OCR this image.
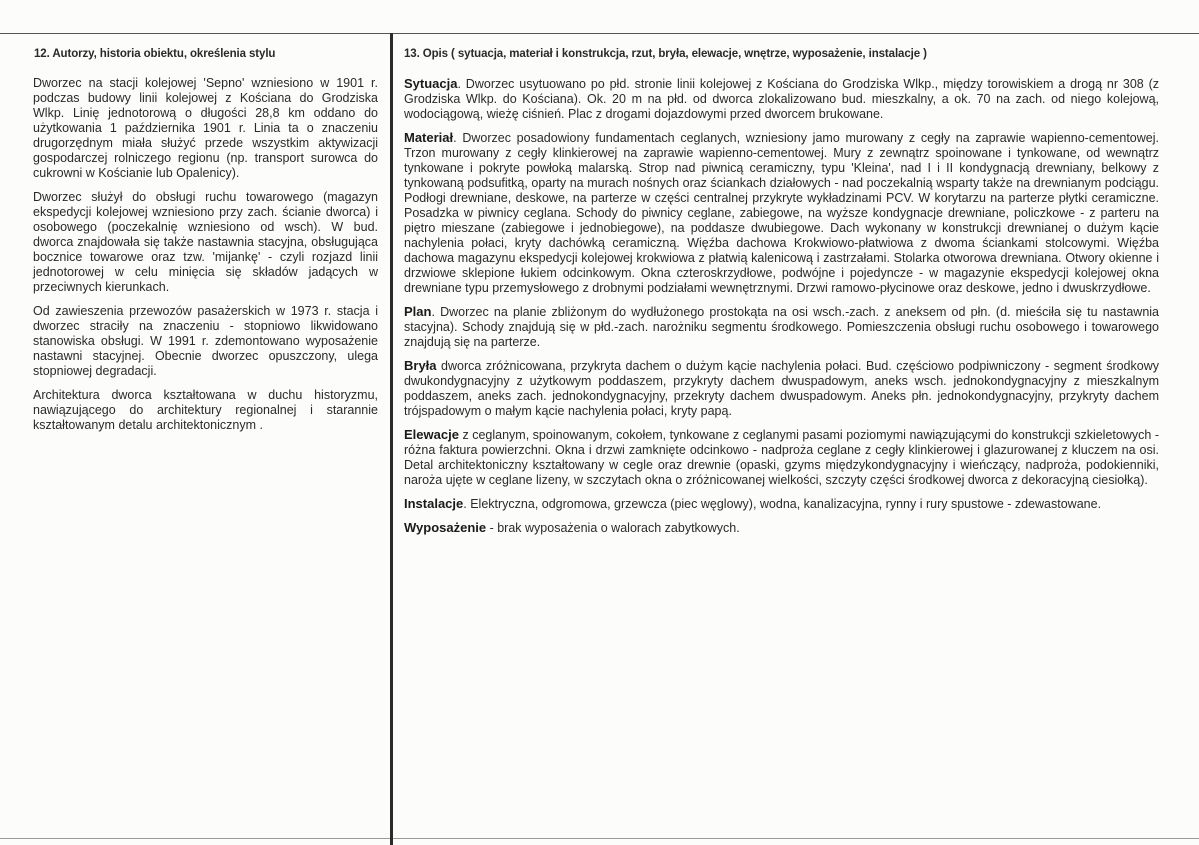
12. Autorzy, historia obiektu, określenia stylu

Dworzec na stacji kolejowej 'Sepno' wzniesiono w 1901 r. podczas budowy linii kolejowej z Kościana do Grodziska Wlkp. Linię jednotorową o długości 28,8 km oddano do użytkowania 1 października 1901 r. Linia ta o znaczeniu drugorzędnym miała służyć przede wszystkim aktywizacji gospodarczej rolniczego regionu (np. transport surowca do cukrowni w Kościanie lub Opalenicy).

Dworzec służył do obsługi ruchu towarowego (magazyn ekspedycji kolejowej wzniesiono przy zach. ścianie dworca) i osobowego (poczekalnię wzniesiono od wsch). W bud. dworca znajdowała się także nastawnia stacyjna, obsługująca bocznice towarowe oraz tzw. 'mijankę' - czyli rozjazd linii jednotorowej w celu minięcia się składów jadących w przeciwnych kierunkach.

Od zawieszenia przewozów pasażerskich w 1973 r. stacja i dworzec straciły na znaczeniu - stopniowo likwidowano stanowiska obsługi. W 1991 r. zdemontowano wyposażenie nastawni stacyjnej. Obecnie dworzec opuszczony, ulega stopniowej degradacji.

Architektura dworca kształtowana w duchu historyzmu, nawiązującego do architektury regionalnej i starannie kształtowanym detalu architektonicznym .

13. Opis ( sytuacja, materiał i konstrukcja, rzut, bryła, elewacje, wnętrze, wyposażenie, instalacje )

Sytuacja. Dworzec usytuowano po płd. stronie linii kolejowej z Kościana do Grodziska Wlkp., między torowiskiem a drogą nr 308 (z Grodziska Wlkp. do Kościana). Ok. 20 m na płd. od dworca zlokalizowano bud. mieszkalny, a ok. 70 na zach. od niego kolejową, wodociągową, wieżę ciśnień. Plac z drogami dojazdowymi przed dworcem brukowane.

Materiał. Dworzec posadowiony fundamentach ceglanych, wzniesiony jamo murowany z cegły na zaprawie wapienno-cementowej. Trzon murowany z cegły klinkierowej na zaprawie wapienno-cementowej. Mury z zewnątrz spoinowane i tynkowane, od wewnątrz tynkowane i pokryte powłoką malarską. Strop nad piwnicą ceramiczny, typu 'Kleina', nad I i II kondygnacją drewniany, belkowy z tynkowaną podsufitką, oparty na murach nośnych oraz ściankach działowych - nad poczekalnią wsparty także na drewnianym podciągu. Podłogi drewniane, deskowe, na parterze w części centralnej przykryte wykładzinami PCV. W korytarzu na parterze płytki ceramiczne. Posadzka w piwnicy ceglana. Schody do piwnicy ceglane, zabiegowe, na wyższe kondygnacje drewniane, policzkowe - z parteru na piętro mieszane (zabiegowe i jednobiegowe), na poddasze dwubiegowe. Dach wykonany w konstrukcji drewnianej o dużym kącie nachylenia połaci, kryty dachówką ceramiczną. Więźba dachowa Krokwiowo-płatwiowa z dwoma ściankami stolcowymi. Więźba dachowa magazynu ekspedycji kolejowej krokwiowa z płatwią kalenicową i zastrzałami. Stolarka otworowa drewniana. Otwory okienne i drzwiowe sklepione łukiem odcinkowym. Okna czteroskrzydłowe, podwójne i pojedyncze - w magazynie ekspedycji kolejowej okna drewniane typu przemysłowego z drobnymi podziałami wewnętrznymi. Drzwi ramowo-płycinowe oraz deskowe, jedno i dwuskrzydłowe.

Plan. Dworzec na planie zbliżonym do wydłużonego prostokąta na osi wsch.-zach. z aneksem od płn. (d. mieściła się tu nastawnia stacyjna). Schody znajdują się w płd.-zach. narożniku segmentu środkowego. Pomieszczenia obsługi ruchu osobowego i towarowego znajdują się na parterze.

Bryła dworca zróżnicowana, przykryta dachem o dużym kącie nachylenia połaci. Bud. częściowo podpiwniczony - segment środkowy dwukondygnacyjny z użytkowym poddaszem, przykryty dachem dwuspadowym, aneks wsch. jednokondygnacyjny z mieszkalnym poddaszem, aneks zach. jednokondygnacyjny, przekryty dachem dwuspadowym. Aneks płn. jednokondygnacyjny, przykryty dachem trójspadowym o małym kącie nachylenia połaci, kryty papą.

Elewacje z ceglanym, spoinowanym, cokołem, tynkowane z ceglanymi pasami poziomymi nawiązującymi do konstrukcji szkieletowych - różna faktura powierzchni. Okna i drzwi zamknięte odcinkowo - nadproża ceglane z cegły klinkierowej i glazurowanej z kluczem na osi. Detal architektoniczny kształtowany w cegle oraz drewnie (opaski, gzyms międzykondygnacyjny i wieńczący, nadproża, podokienniki, naroża ujęte w ceglane lizeny, w szczytach okna o zróżnicowanej wielkości, szczyty części środkowej dworca z dekoracyjną ciesiołką).

Instalacje. Elektryczna, odgromowa, grzewcza (piec węglowy), wodna, kanalizacyjna, rynny i rury spustowe - zdewastowane.

Wyposażenie - brak wyposażenia o walorach zabytkowych.
